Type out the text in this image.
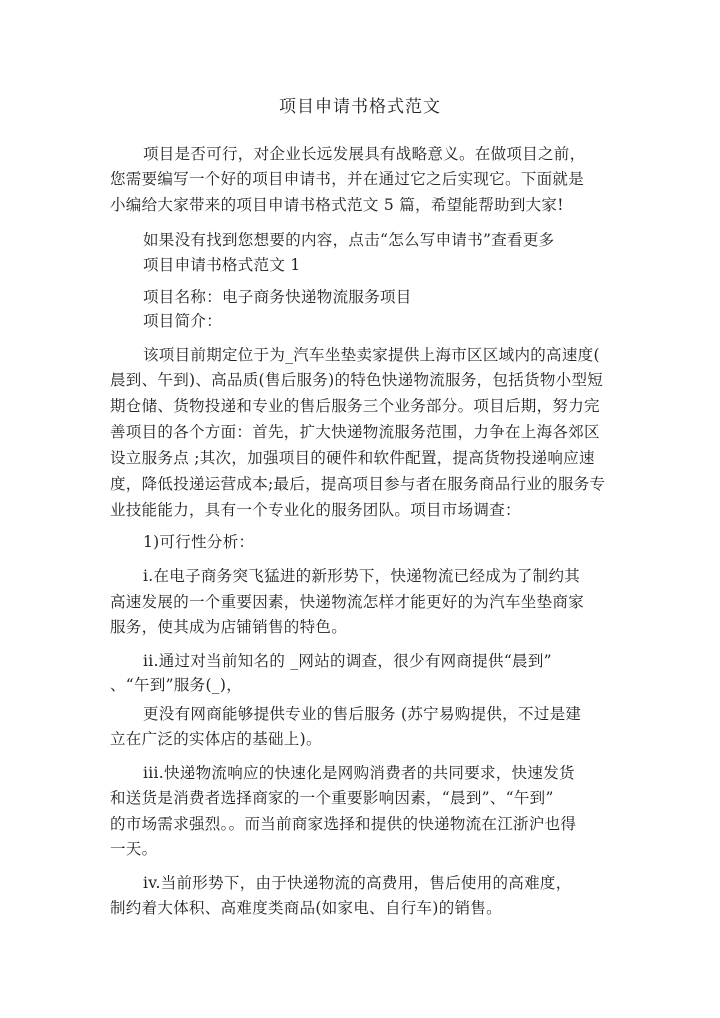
项目申请书格式范文
项目是否可行，对企业长远发展具有战略意义。在做项目之前，
您需要编写一个好的项目申请书，并在通过它之后实现它。下面就是
小编给大家带来的项目申请书格式范文 5 篇，希望能帮助到大家!
如果没有找到您想要的内容，点击“怎么写申请书”查看更多
项目申请书格式范文 1
项目名称：电子商务快递物流服务项目
项目简介：
该项目前期定位于为_汽车坐垫卖家提供上海市区区域内的高速度(
晨到、午到)、高品质(售后服务)的特色快递物流服务，包括货物小型短
期仓储、货物投递和专业的售后服务三个业务部分。项目后期，努力完
善项目的各个方面：首先，扩大快递物流服务范围，力争在上海各郊区
设立服务点 ;其次，加强项目的硬件和软件配置，提高货物投递响应速
度，降低投递运营成本;最后，提高项目参与者在服务商品行业的服务专
业技能能力，具有一个专业化的服务团队。项目市场调查：
1)可行性分析：
i.在电子商务突飞猛进的新形势下，快递物流已经成为了制约其
高速发展的一个重要因素，快递物流怎样才能更好的为汽车坐垫商家
服务，使其成为店铺销售的特色。
ii.通过对当前知名的 _网站的调查，很少有网商提供“晨到”
、“午到”服务(_)，
更没有网商能够提供专业的售后服务 (苏宁易购提供，不过是建
立在广泛的实体店的基础上)。
iii.快递物流响应的快速化是网购消费者的共同要求，快速发货
和送货是消费者选择商家的一个重要影响因素，“晨到”、“午到”
的市场需求强烈。。而当前商家选择和提供的快递物流在江浙沪也得
一天。
iv.当前形势下，由于快递物流的高费用，售后使用的高难度，
制约着大体积、高难度类商品(如家电、自行车)的销售。
